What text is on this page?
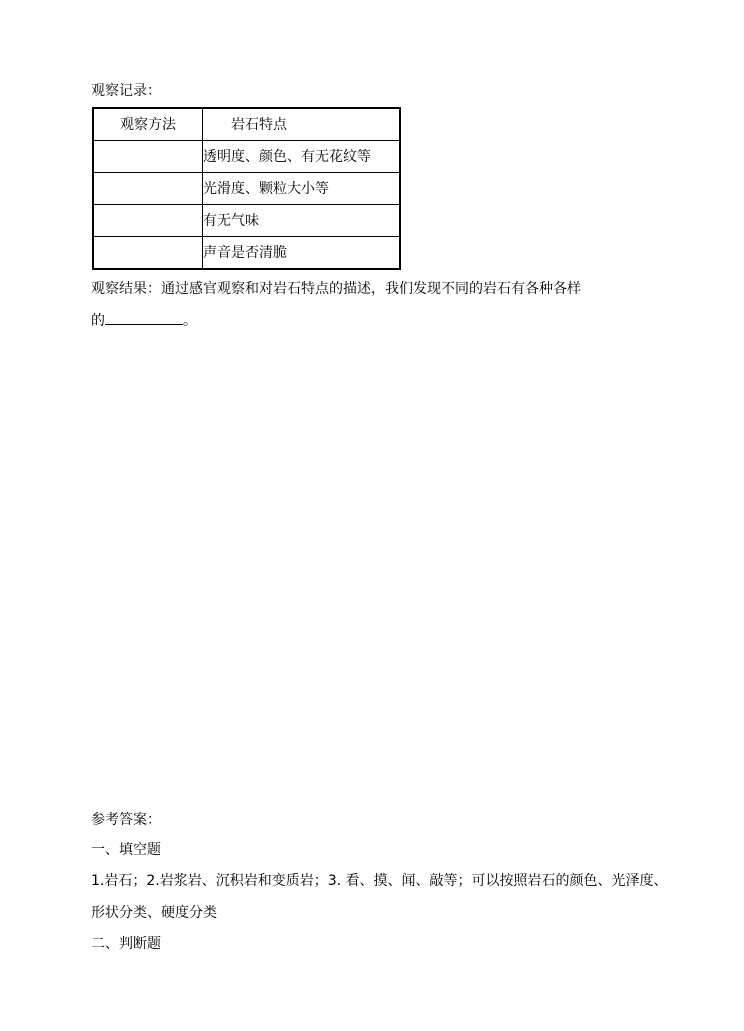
观察记录：
观察方法	岩石特点
	透明度、颜色、有无花纹等
	光滑度、颗粒大小等
	有无气味
	声音是否清脆
观察结果：通过感官观察和对岩石特点的描述，我们发现不同的岩石有各种各样
的	。
参考答案：
一、填空题
1.岩石；2.岩浆岩、沉积岩和变质岩；3. 看、摸、闻、敲等；可以按照岩石的颜色、光泽度、
形状分类、硬度分类
二、判断题
